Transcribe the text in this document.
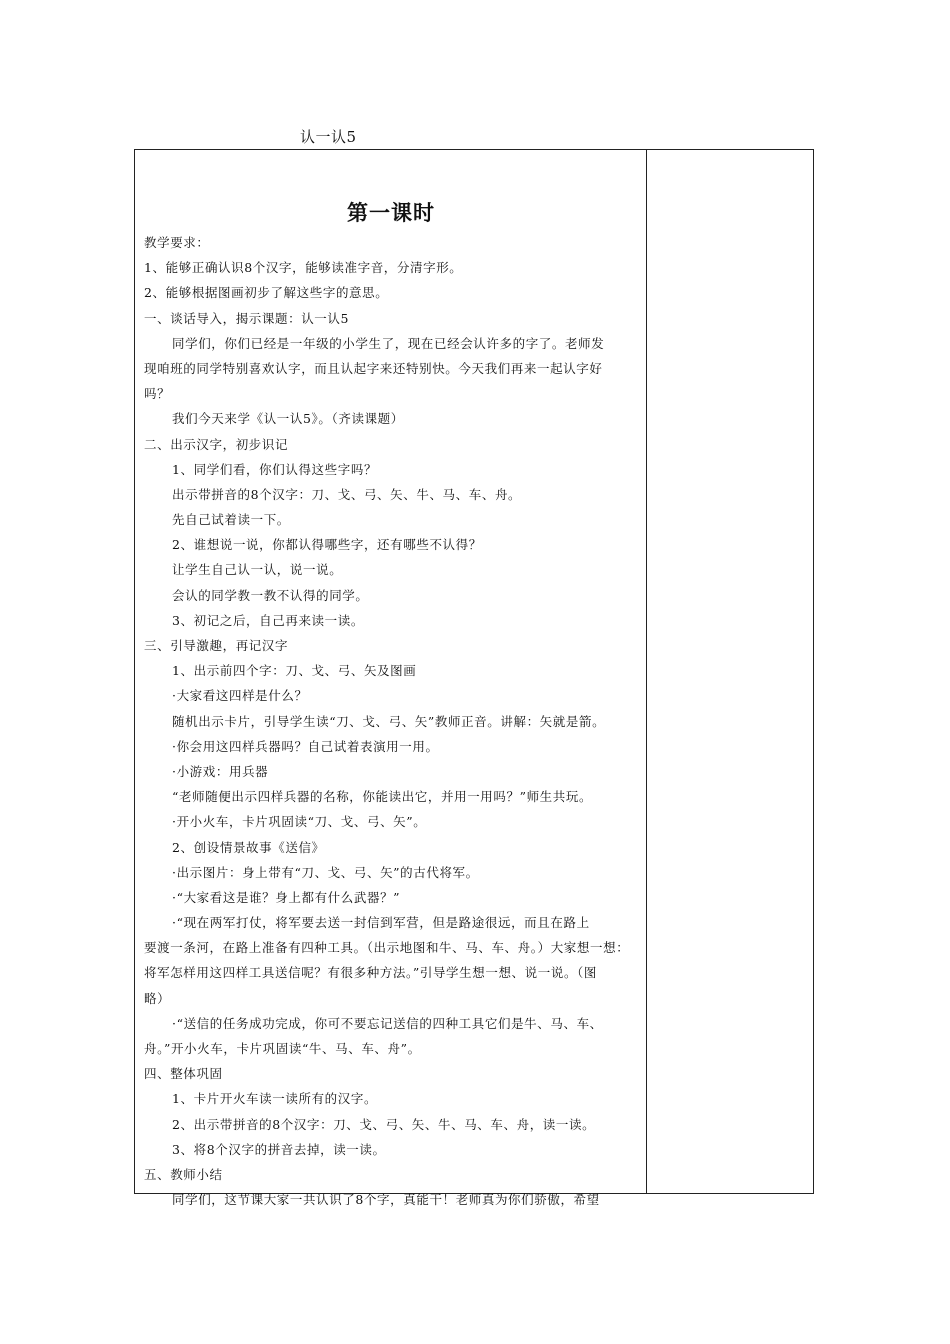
认一认5
第一课时
教学要求：
1、能够正确认识8个汉字，能够读准字音，分清字形。
2、能够根据图画初步了解这些字的意思。
一、谈话导入，揭示课题：认一认5
同学们，你们已经是一年级的小学生了，现在已经会认许多的字了。老师发
现咱班的同学特别喜欢认字，而且认起字来还特别快。今天我们再来一起认字好
吗？
我们今天来学《认一认5》。（齐读课题）
二、出示汉字，初步识记
1、同学们看，你们认得这些字吗？
出示带拼音的8个汉字：刀、戈、弓、矢、牛、马、车、舟。
先自己试着读一下。
2、谁想说一说，你都认得哪些字，还有哪些不认得？
让学生自己认一认，说一说。
会认的同学教一教不认得的同学。
3、初记之后，自己再来读一读。
三、引导激趣，再记汉字
1、出示前四个字：刀、戈、弓、矢及图画
·大家看这四样是什么？
随机出示卡片，引导学生读“刀、戈、弓、矢”教师正音。讲解：矢就是箭。
·你会用这四样兵器吗？自己试着表演用一用。
·小游戏：用兵器
“老师随便出示四样兵器的名称，你能读出它，并用一用吗？”师生共玩。
·开小火车，卡片巩固读“刀、戈、弓、矢”。
2、创设情景故事《送信》
·出示图片：身上带有“刀、戈、弓、矢”的古代将军。
·“大家看这是谁？身上都有什么武器？”
·“现在两军打仗，将军要去送一封信到军营，但是路途很远，而且在路上
要渡一条河，在路上准备有四种工具。（出示地图和牛、马、车、舟。）大家想一想：
将军怎样用这四样工具送信呢？有很多种方法。”引导学生想一想、说一说。（图
略）
·“送信的任务成功完成，你可不要忘记送信的四种工具它们是牛、马、车、
舟。”开小火车，卡片巩固读“牛、马、车、舟”。
四、整体巩固
1、卡片开火车读一读所有的汉字。
2、出示带拼音的8个汉字：刀、戈、弓、矢、牛、马、车、舟，读一读。
3、将8个汉字的拼音去掉，读一读。
五、教师小结
同学们，这节课大家一共认识了8个字，真能干！老师真为你们骄傲，希望
